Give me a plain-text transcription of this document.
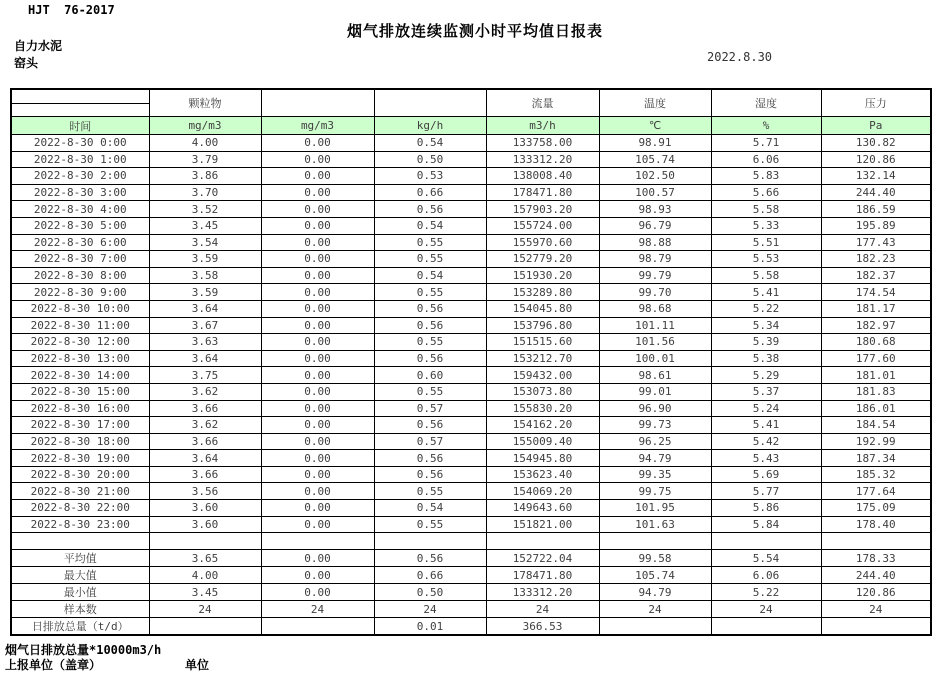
HJT  76-2017
烟气排放连续监测小时平均值日报表
自力水泥
窑头	2022.8.30
	颗粒物			流量	温度	湿度	压力

时间	mg/m3	mg/m3	kg/h	m3/h	℃	%	Pa
2022-8-30 0:00	4.00	0.00	0.54	133758.00	98.91	5.71	130.82
2022-8-30 1:00	3.79	0.00	0.50	133312.20	105.74	6.06	120.86
2022-8-30 2:00	3.86	0.00	0.53	138008.40	102.50	5.83	132.14
2022-8-30 3:00	3.70	0.00	0.66	178471.80	100.57	5.66	244.40
2022-8-30 4:00	3.52	0.00	0.56	157903.20	98.93	5.58	186.59
2022-8-30 5:00	3.45	0.00	0.54	155724.00	96.79	5.33	195.89
2022-8-30 6:00	3.54	0.00	0.55	155970.60	98.88	5.51	177.43
2022-8-30 7:00	3.59	0.00	0.55	152779.20	98.79	5.53	182.23
2022-8-30 8:00	3.58	0.00	0.54	151930.20	99.79	5.58	182.37
2022-8-30 9:00	3.59	0.00	0.55	153289.80	99.70	5.41	174.54
2022-8-30 10:00	3.64	0.00	0.56	154045.80	98.68	5.22	181.17
2022-8-30 11:00	3.67	0.00	0.56	153796.80	101.11	5.34	182.97
2022-8-30 12:00	3.63	0.00	0.55	151515.60	101.56	5.39	180.68
2022-8-30 13:00	3.64	0.00	0.56	153212.70	100.01	5.38	177.60
2022-8-30 14:00	3.75	0.00	0.60	159432.00	98.61	5.29	181.01
2022-8-30 15:00	3.62	0.00	0.55	153073.80	99.01	5.37	181.83
2022-8-30 16:00	3.66	0.00	0.57	155830.20	96.90	5.24	186.01
2022-8-30 17:00	3.62	0.00	0.56	154162.20	99.73	5.41	184.54
2022-8-30 18:00	3.66	0.00	0.57	155009.40	96.25	5.42	192.99
2022-8-30 19:00	3.64	0.00	0.56	154945.80	94.79	5.43	187.34
2022-8-30 20:00	3.66	0.00	0.56	153623.40	99.35	5.69	185.32
2022-8-30 21:00	3.56	0.00	0.55	154069.20	99.75	5.77	177.64
2022-8-30 22:00	3.60	0.00	0.54	149643.60	101.95	5.86	175.09
2022-8-30 23:00	3.60	0.00	0.55	151821.00	101.63	5.84	178.40

平均值	3.65	0.00	0.56	152722.04	99.58	5.54	178.33
最大值	4.00	0.00	0.66	178471.80	105.74	6.06	244.40
最小值	3.45	0.00	0.50	133312.20	94.79	5.22	120.86
样本数	24	24	24	24	24	24	24
日排放总量（t/d）			0.01	366.53			
烟气日排放总量*10000m3/h
上报单位（盖章）	单位
